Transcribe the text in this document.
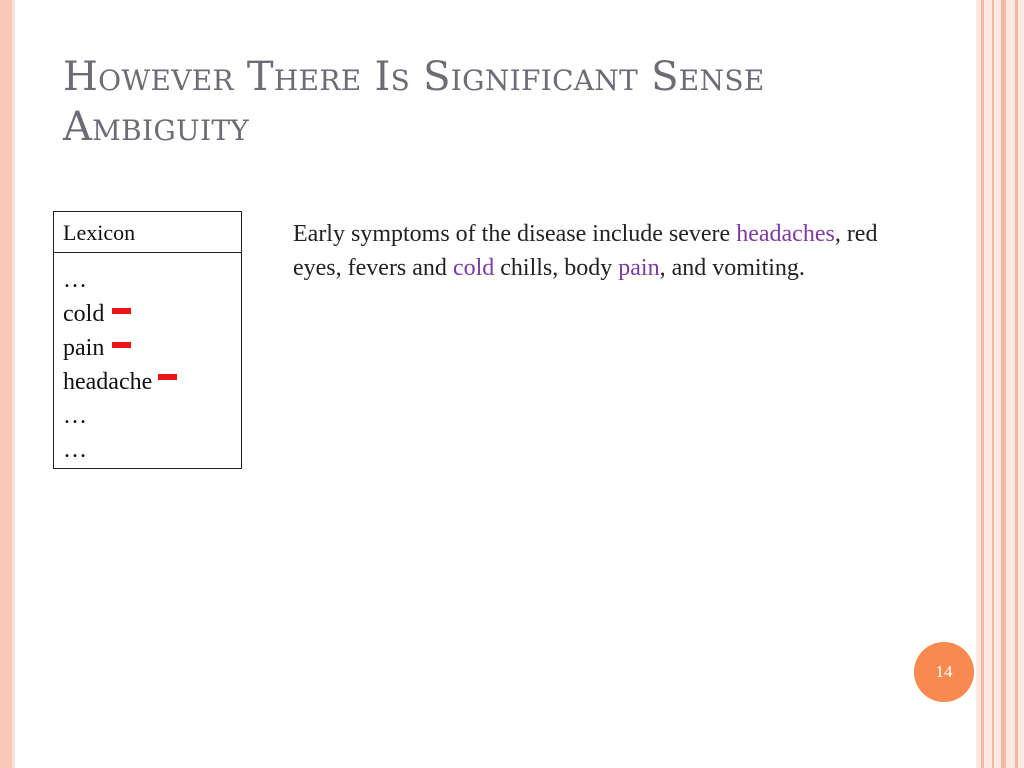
However There Is Significant Sense Ambiguity
Lexicon
…
cold
pain
headache
…
…

Early symptoms of the disease include severe headaches, red eyes, fevers and cold chills, body pain, and vomiting.

14
